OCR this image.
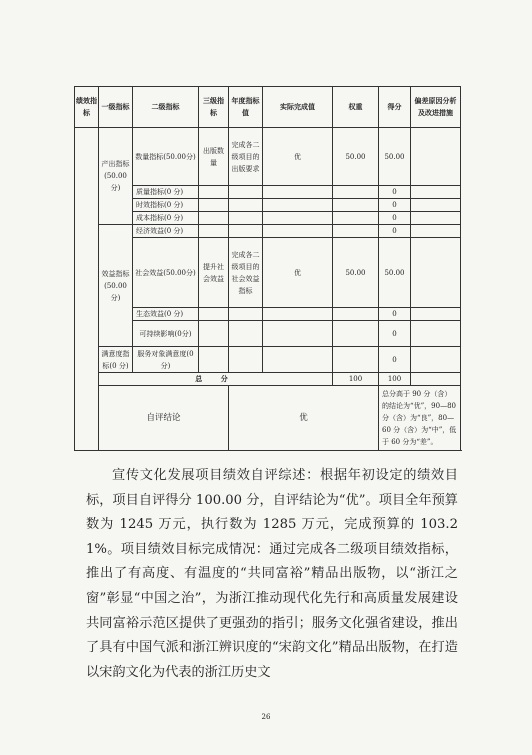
绩效指标	一级指标	二级指标	三级指标	年度指标值	实际完成值	权重	得分	偏差原因分析及改进措施
	产出指标(50.00分)	数量指标(50.00分)	出版数量	完成各二级项目的出版要求	优	50.00	50.00	
		质量指标(0 分)					0	
		时效指标(0 分)					0	
		成本指标(0 分)					0	
	效益指标(50.00分)	经济效益(0 分)					0	
		社会效益(50.00分)	提升社会效益	完成各二级项目的社会效益指标	优	50.00	50.00	
		生态效益(0 分)					0	
		可持续影响(0分)					0	
	满意度指标(0 分)	服务对象满意度(0 分)					0	
	总 分					100	100	
	自评结论			优			总分高于 90 分（含）的结论为“优”，90—80 分（含）为“良”，80—60 分（含）为“中”，低于 60 分为“差”。	

宣传文化发展项目绩效自评综述：根据年初设定的绩效目标，项目自评得分 100.00 分，自评结论为“优”。项目全年预算数为 1245 万元，执行数为 1285 万元，完成预算的 103.21%。项目绩效目标完成情况：通过完成各二级项目绩效指标，推出了有高度、有温度的“共同富裕”精品出版物，以“浙江之窗”彰显“中国之治”，为浙江推动现代化先行和高质量发展建设共同富裕示范区提供了更强劲的指引；服务文化强省建设，推出了具有中国气派和浙江辨识度的“宋韵文化”精品出版物，在打造以宋韵文化为代表的浙江历史文

26
